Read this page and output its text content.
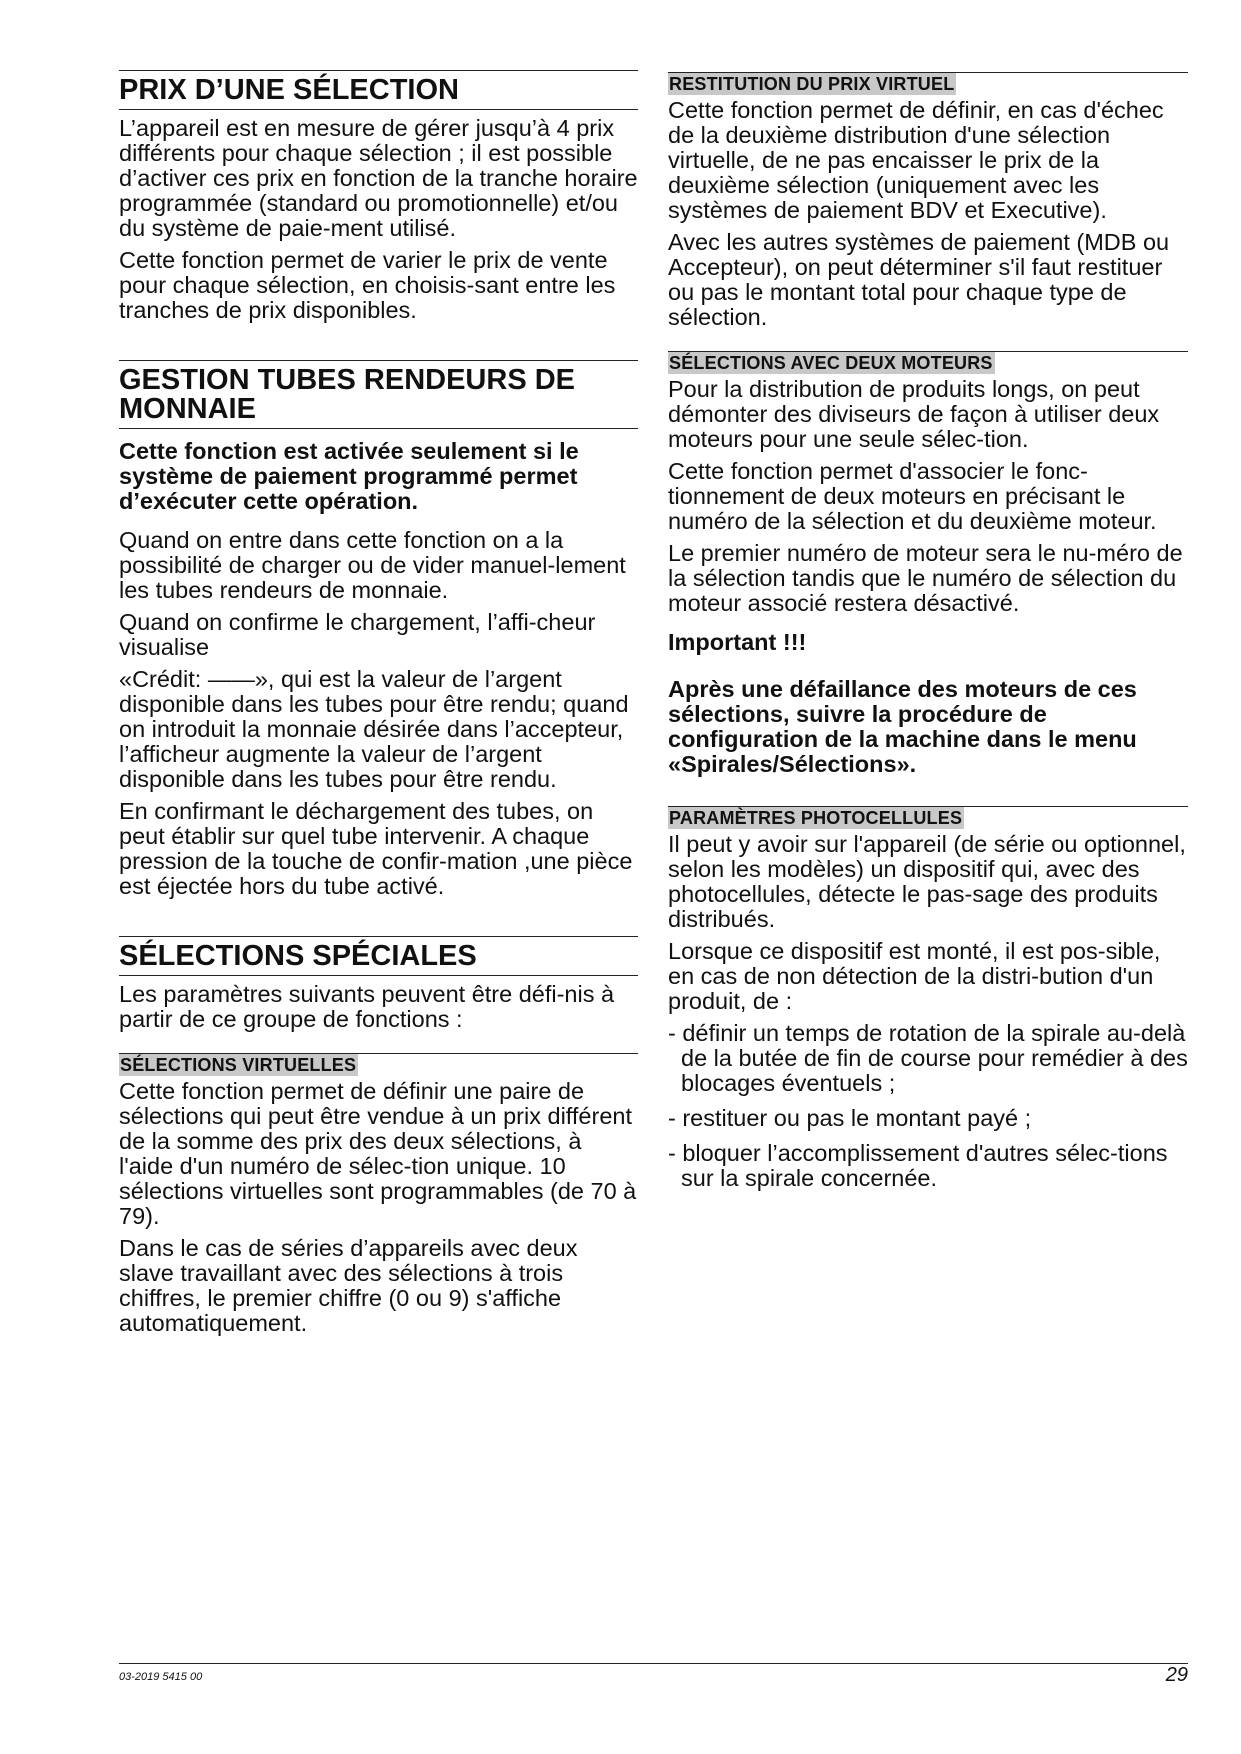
PRIX D’UNE SÉLECTION

L’appareil est en mesure de gérer jusqu’à 4 prix différents pour chaque sélection ; il est possible d’activer ces prix en fonction de la tranche horaire programmée (standard ou promotionnelle) et/ou du système de paie-ment utilisé.

Cette fonction permet de varier le prix de vente pour chaque sélection, en choisis-sant entre les tranches de prix disponibles.

GESTION TUBES RENDEURS DE MONNAIE

Cette fonction est activée seulement si le système de paiement programmé permet d’exécuter cette opération.

Quand on entre dans cette fonction on a la possibilité de charger ou de vider manuel-lement les tubes rendeurs de monnaie.

Quand on confirme le chargement, l’affi-cheur visualise

«Crédit: ——», qui est la valeur de l’argent disponible dans les tubes pour être rendu; quand on introduit la monnaie désirée dans l’accepteur, l’afficheur augmente la valeur de l’argent disponible dans les tubes pour être rendu.

En confirmant le déchargement des tubes, on peut établir sur quel tube intervenir. A chaque pression de la touche de confir-mation ,une pièce est éjectée hors du tube activé.

SÉLECTIONS SPÉCIALES

Les paramètres suivants peuvent être défi-nis à partir de ce groupe de fonctions :

SÉLECTIONS VIRTUELLES

Cette fonction permet de définir une paire de sélections qui peut être vendue à un prix différent de la somme des prix des deux sélections, à l'aide d'un numéro de sélec-tion unique. 10 sélections virtuelles sont programmables (de 70 à 79).

Dans le cas de séries d’appareils avec deux slave travaillant avec des sélections à trois chiffres, le premier chiffre (0 ou 9) s'affiche automatiquement.

RESTITUTION DU PRIX VIRTUEL

Cette fonction permet de définir, en cas d'échec de la deuxième distribution d'une sélection virtuelle, de ne pas encaisser le prix de la deuxième sélection (uniquement avec les systèmes de paiement BDV et Executive).

Avec les autres systèmes de paiement (MDB ou Accepteur), on peut déterminer s'il faut restituer ou pas le montant total pour chaque type de sélection.

SÉLECTIONS AVEC DEUX MOTEURS

Pour la distribution de produits longs, on peut démonter des diviseurs de façon à utiliser deux moteurs pour une seule sélec-tion.

Cette fonction permet d'associer le fonc-tionnement de deux moteurs en précisant le numéro de la sélection et du deuxième moteur.

Le premier numéro de moteur sera le nu-méro de la sélection tandis que le numéro de sélection du moteur associé restera désactivé.

Important !!!

Après une défaillance des moteurs de ces sélections, suivre la procédure de configuration de la machine dans le menu «Spirales/Sélections».

PARAMÈTRES PHOTOCELLULES

Il peut y avoir sur l'appareil (de série ou optionnel, selon les modèles) un dispositif qui, avec des photocellules, détecte le pas-sage des produits distribués.

Lorsque ce dispositif est monté, il est pos-sible, en cas de non détection de la distri-bution d'un produit, de :

- définir un temps de rotation de la spirale au-delà de la butée de fin de course pour remédier à des blocages éventuels ;
- restituer ou pas le montant payé ;
- bloquer l’accomplissement d'autres sélec-tions sur la spirale concernée.
03-2019 5415 00	29
